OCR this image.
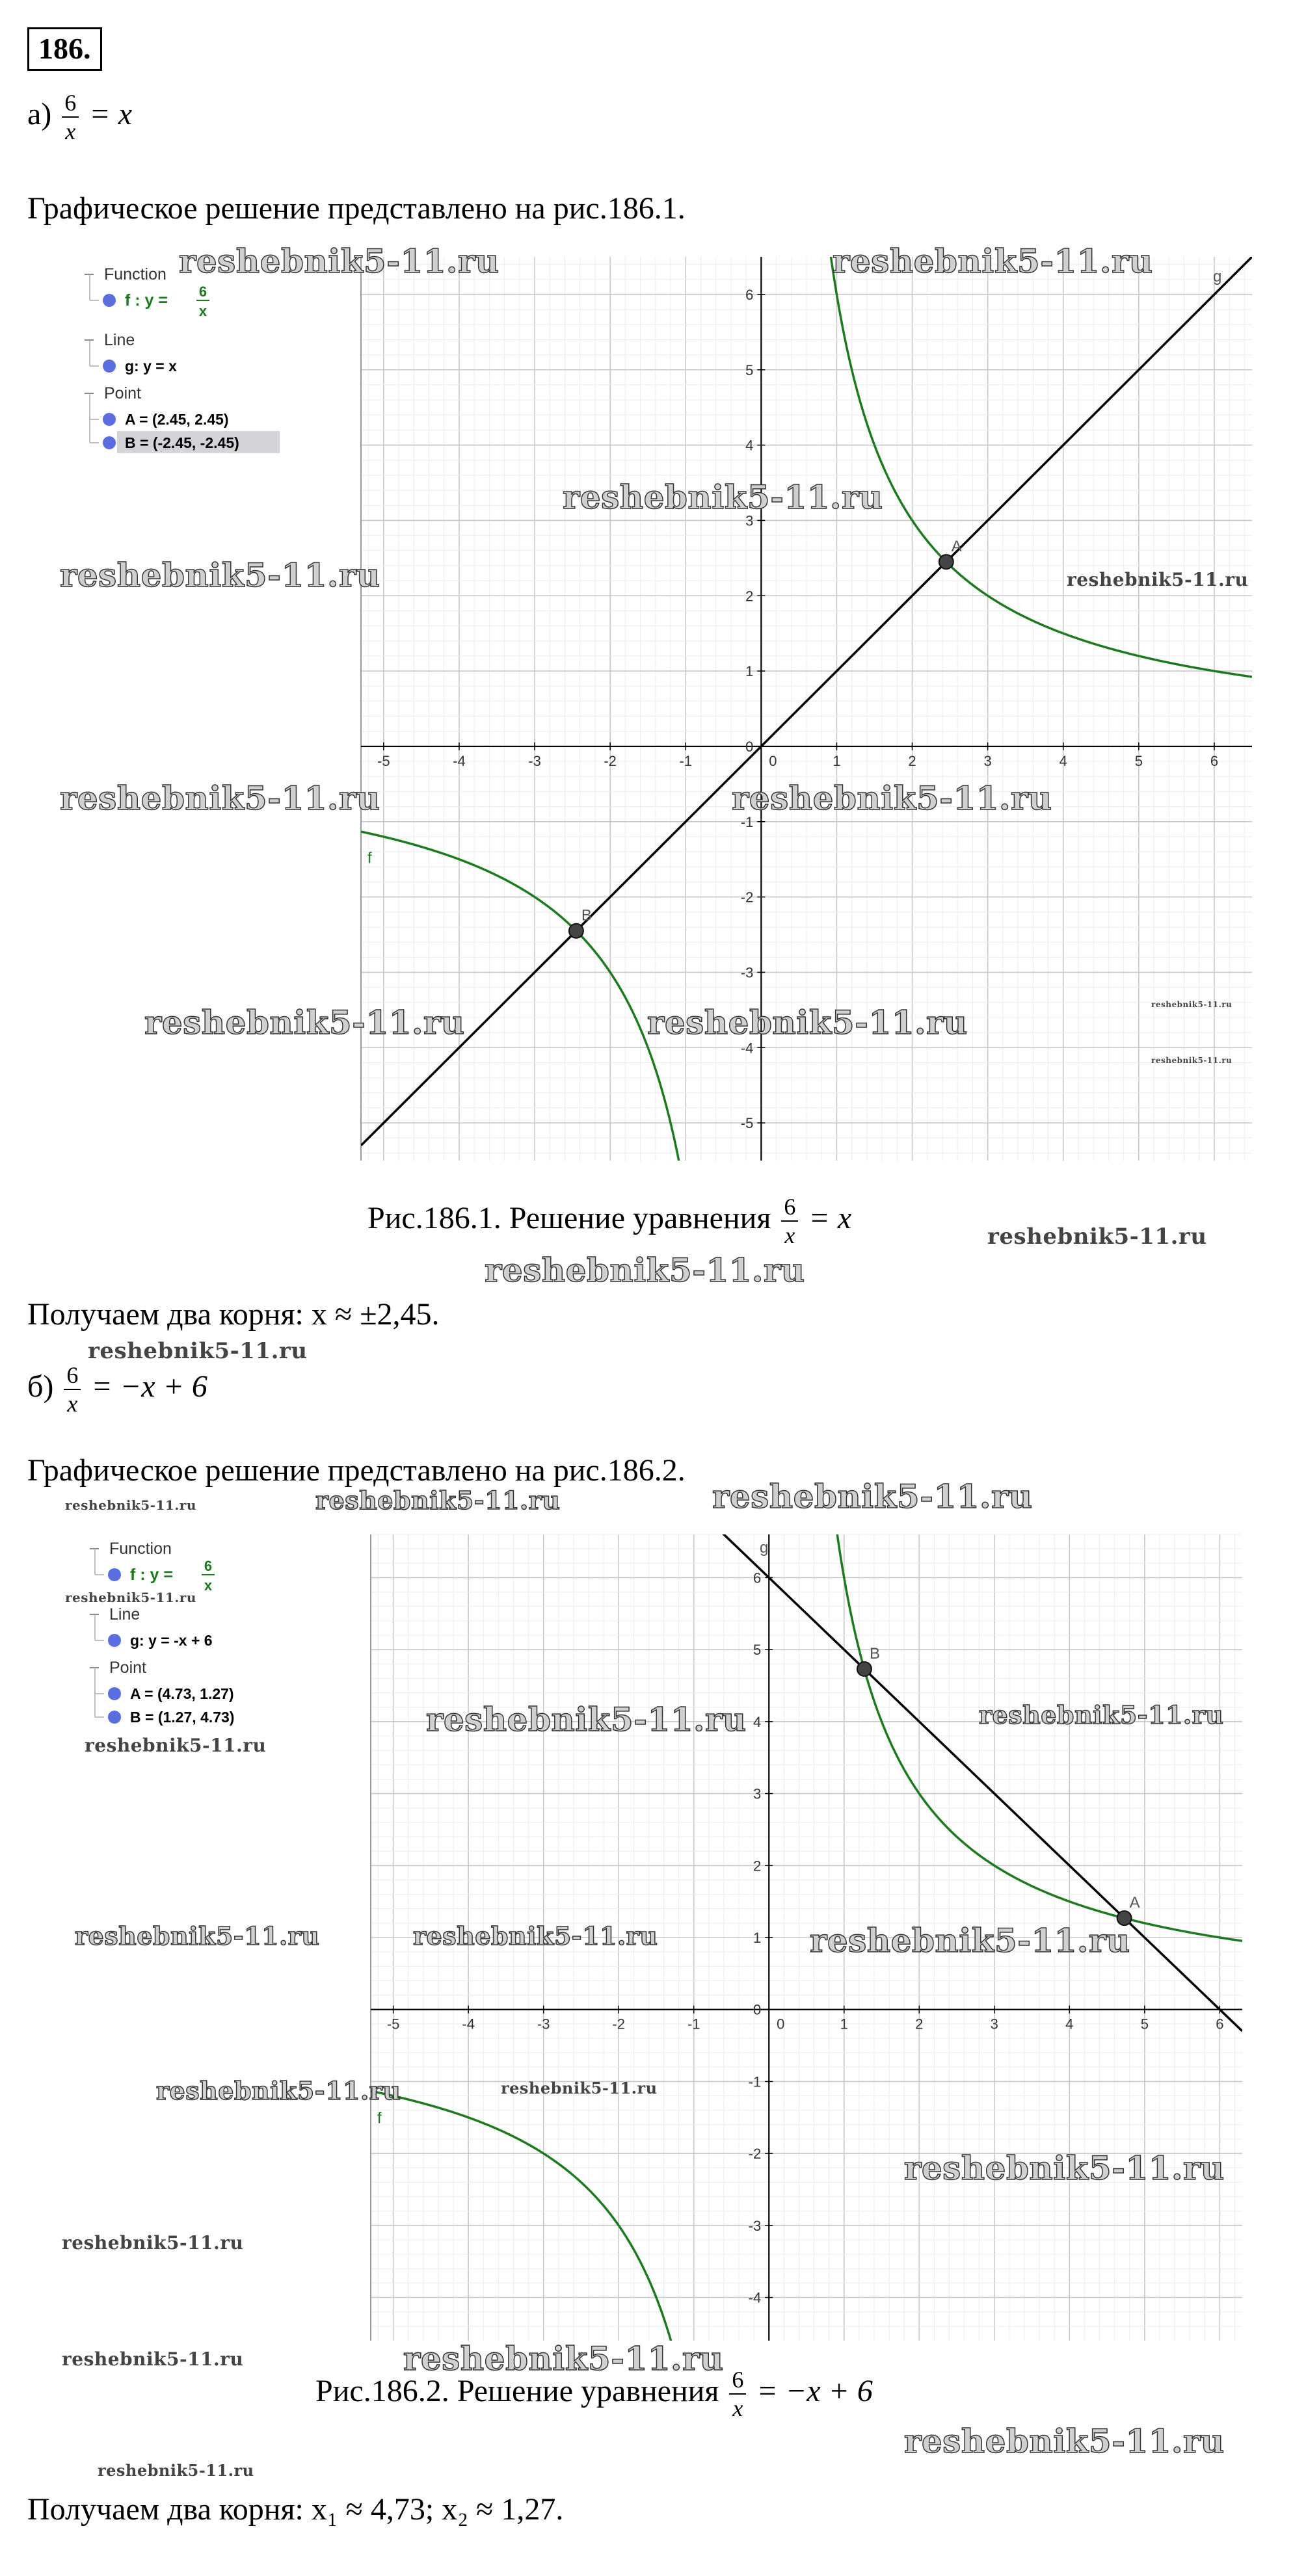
186.
$а) \frac{6}{x} = x$
Графическое решение представлено на рис.186.1.
-5	-4	-3	-2	-1	1	2	3	4	5	6
-5
-4
-3
-2
-1
0
1
2
3
4
5
6
0
f
g
A
B
Function
f : y = 6
x
Line
g: y = x
Point
A = (2.45, 2.45)
B = (-2.45, -2.45)
Рис.186.1. Решение уравнения $\frac{6}{x} = x$
Получаем два корня: x ≈ ±2,45.
$б) \frac{6}{x} = -x + 6$
Графическое решение представлено на рис.186.2.
-5	-4	-3	-2	-1	1	2	3	4	5	6
-4
-3
-2
-1
0
1
2
3
4
5
6
0
f
g
A
B
Function
f : y = 6
x
Line
g: y = -x + 6
Point
A = (4.73, 1.27)
B = (1.27, 4.73)
Рис.186.2. Решение уравнения $\frac{6}{x} = -x + 6$
Получаем два корня: x₁ ≈ 4,73; x₂ ≈ 1,27.
reshebnik5-11.ru	reshebnik5-11.ru
reshebnik5-11.ru
reshebnik5-11.ru	reshebnik5-11.ru
reshebnik5-11.ru	reshebnik5-11.ru
reshebnik5-11.ru	reshebnik5-11.ru	reshebnik5-11.ru
reshebnik5-11.ru
reshebnik5-11.ru
reshebnik5-11.ru
reshebnik5-11.ru
reshebnik5-11.ru	reshebnik5-11.ru	reshebnik5-11.ru
reshebnik5-11.ru
reshebnik5-11.ru	reshebnik5-11.ru
reshebnik5-11.ru
reshebnik5-11.ru	reshebnik5-11.ru	reshebnik5-11.ru
reshebnik5-11.ru	reshebnik5-11.ru
reshebnik5-11.ru
reshebnik5-11.ru
reshebnik5-11.ru	reshebnik5-11.ru
reshebnik5-11.ru
reshebnik5-11.ru
